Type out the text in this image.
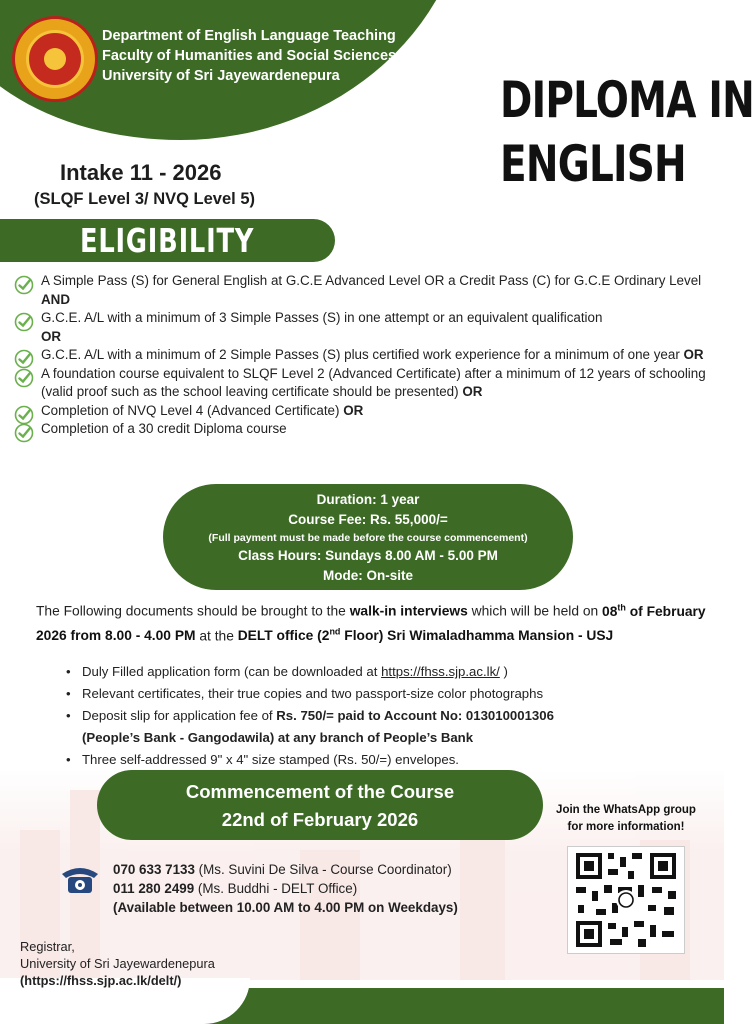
Department of English Language Teaching
Faculty of Humanities and Social Sciences
University of Sri Jayewardenepura	DIPLOMA IN
ENGLISH
Intake 11 - 2026
(SLQF Level 3/ NVQ Level 5)
ELIGIBILITY
A Simple Pass (S) for General English at G.C.E Advanced Level OR a Credit Pass (C) for G.C.E Ordinary Level
AND
G.C.E. A/L with a minimum of 3 Simple Passes (S) in one attempt or an equivalent qualification
OR
G.C.E. A/L with a minimum of 2 Simple Passes (S) plus certified work experience for a minimum of one year OR
A foundation course equivalent to SLQF Level 2 (Advanced Certificate) after a minimum of 12 years of schooling (valid proof such as the school leaving certificate should be presented) OR
Completion of NVQ Level 4 (Advanced Certificate) OR
Completion of a 30 credit Diploma course
Duration: 1 year
Course Fee: Rs. 55,000/=
(Full payment must be made before the course commencement)
Class Hours: Sundays 8.00 AM - 5.00 PM
Mode: On-site
The Following documents should be brought to the walk-in interviews which will be held on 08th of February 2026 from 8.00 - 4.00 PM at the DELT office (2nd Floor) Sri Wimaladhamma Mansion - USJ
• Duly Filled application form (can be downloaded at https://fhss.sjp.ac.lk/ )
• Relevant certificates, their true copies and two passport-size color photographs
• Deposit slip for application fee of Rs. 750/= paid to Account No: 013010001306
(People’s Bank - Gangodawila) at any branch of People’s Bank
• Three self-addressed 9" x 4" size stamped (Rs. 50/=) envelopes.
Commencement of the Course
22nd of February 2026	Join the WhatsApp group
for more information!
070 633 7133 (Ms. Suvini De Silva - Course Coordinator)
011 280 2499 (Ms. Buddhi - DELT Office)
(Available between 10.00 AM to 4.00 PM on Weekdays)
Registrar,
University of Sri Jayewardenepura
(https://fhss.sjp.ac.lk/delt/)
